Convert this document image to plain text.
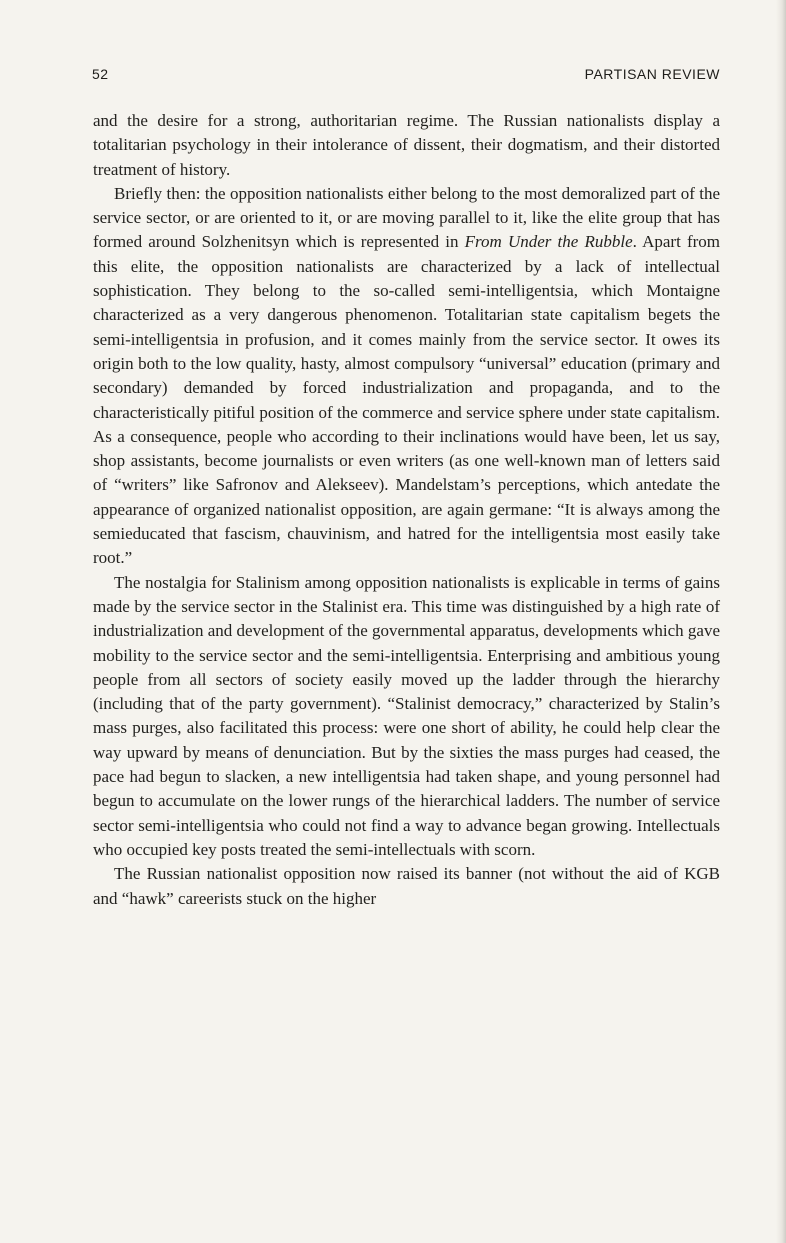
52	PARTISAN REVIEW

and the desire for a strong, authoritarian regime. The Russian nationalists display a totalitarian psychology in their intolerance of dissent, their dogmatism, and their distorted treatment of history.

Briefly then: the opposition nationalists either belong to the most demoralized part of the service sector, or are oriented to it, or are moving parallel to it, like the elite group that has formed around Solzhenitsyn which is represented in From Under the Rubble. Apart from this elite, the opposition nationalists are characterized by a lack of intellectual sophistication. They belong to the so-called semi-intelligentsia, which Montaigne characterized as a very dangerous phenomenon. Totalitarian state capitalism begets the semi-intelligentsia in profusion, and it comes mainly from the service sector. It owes its origin both to the low quality, hasty, almost compulsory “universal” education (primary and secondary) demanded by forced industrialization and propaganda, and to the characteristically pitiful position of the commerce and service sphere under state capitalism. As a consequence, people who according to their inclinations would have been, let us say, shop assistants, become journalists or even writers (as one well-known man of letters said of “writers” like Safronov and Alekseev). Mandelstam’s perceptions, which antedate the appearance of organized nationalist opposition, are again germane: “It is always among the semieducated that fascism, chauvinism, and hatred for the intelligentsia most easily take root.”

The nostalgia for Stalinism among opposition nationalists is explicable in terms of gains made by the service sector in the Stalinist era. This time was distinguished by a high rate of industrialization and development of the governmental apparatus, developments which gave mobility to the service sector and the semi-intelligentsia. Enterprising and ambitious young people from all sectors of society easily moved up the ladder through the hierarchy (including that of the party government). “Stalinist democracy,” characterized by Stalin’s mass purges, also facilitated this process: were one short of ability, he could help clear the way upward by means of denunciation. But by the sixties the mass purges had ceased, the pace had begun to slacken, a new intelligentsia had taken shape, and young personnel had begun to accumulate on the lower rungs of the hierarchical ladders. The number of service sector semi-intelligentsia who could not find a way to advance began growing. Intellectuals who occupied key posts treated the semi-intellectuals with scorn.

The Russian nationalist opposition now raised its banner (not without the aid of KGB and “hawk” careerists stuck on the higher
